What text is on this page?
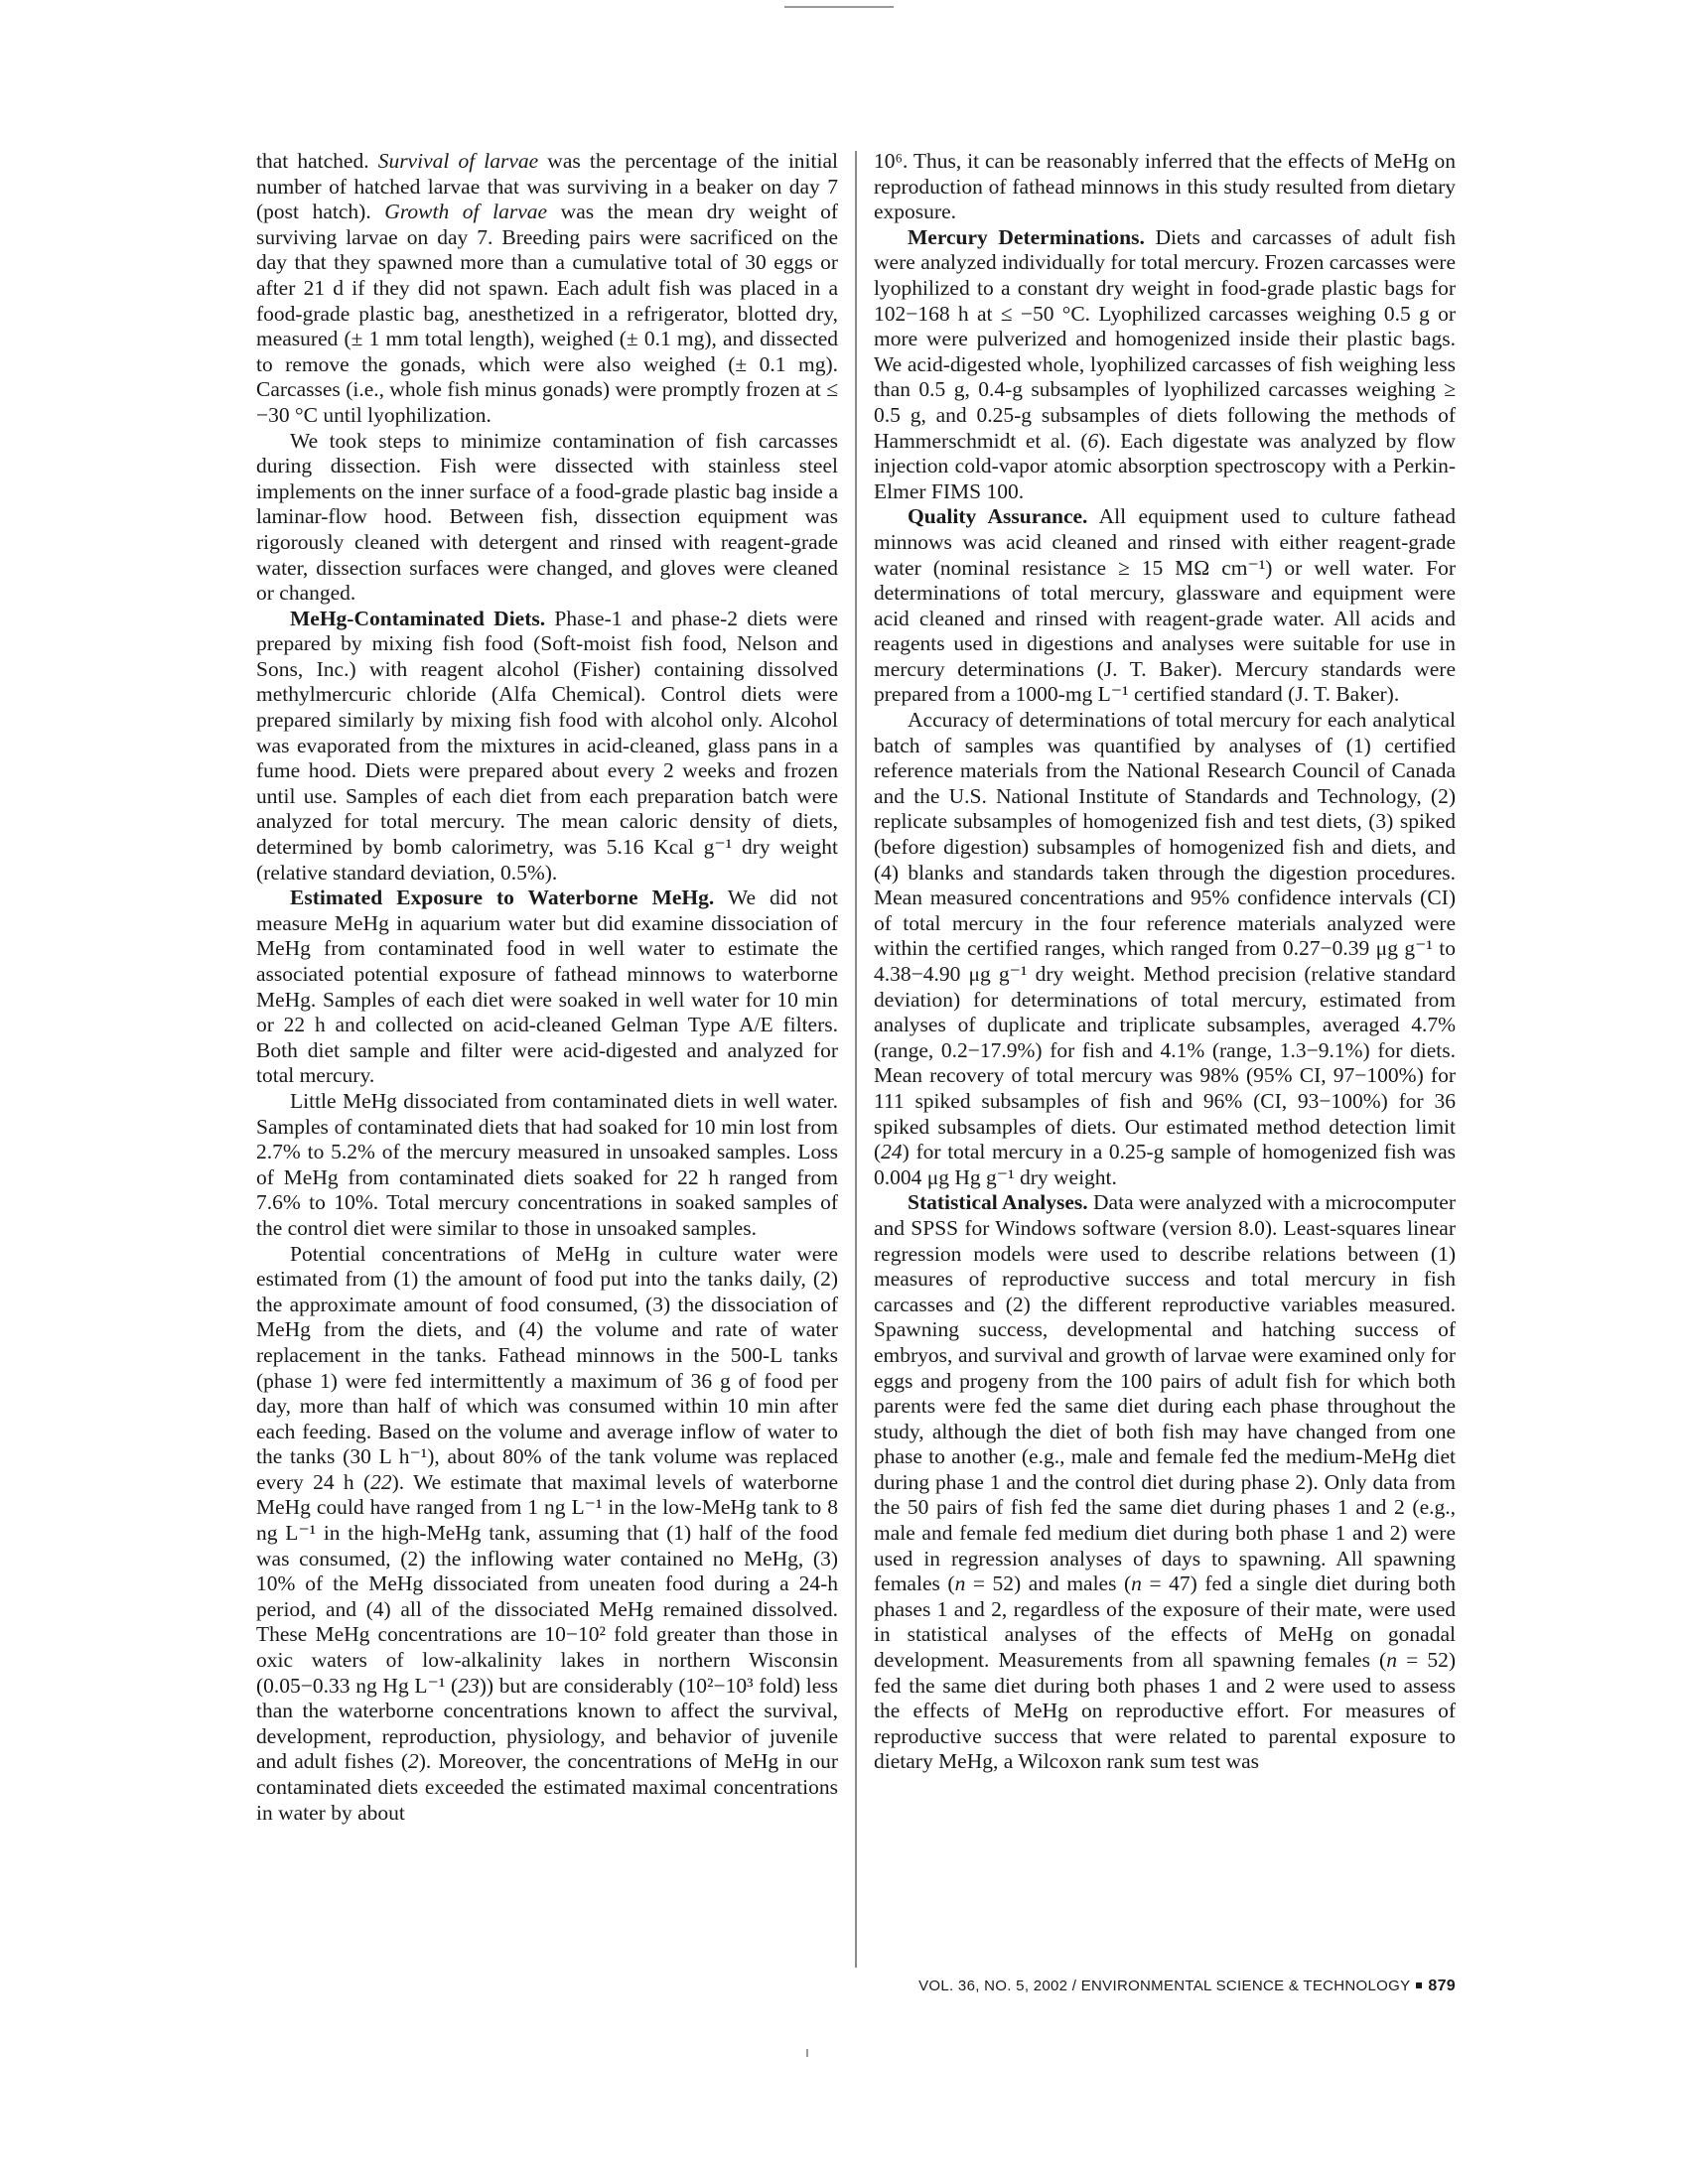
that hatched. Survival of larvae was the percentage of the initial number of hatched larvae that was surviving in a beaker on day 7 (post hatch). Growth of larvae was the mean dry weight of surviving larvae on day 7. Breeding pairs were sacrificed on the day that they spawned more than a cumulative total of 30 eggs or after 21 d if they did not spawn. Each adult fish was placed in a food-grade plastic bag, anesthetized in a refrigerator, blotted dry, measured (± 1 mm total length), weighed (± 0.1 mg), and dissected to remove the gonads, which were also weighed (± 0.1 mg). Carcasses (i.e., whole fish minus gonads) were promptly frozen at ≤ −30 °C until lyophilization.

We took steps to minimize contamination of fish carcasses during dissection. Fish were dissected with stainless steel implements on the inner surface of a food-grade plastic bag inside a laminar-flow hood. Between fish, dissection equipment was rigorously cleaned with detergent and rinsed with reagent-grade water, dissection surfaces were changed, and gloves were cleaned or changed.

MeHg-Contaminated Diets. Phase-1 and phase-2 diets were prepared by mixing fish food (Soft-moist fish food, Nelson and Sons, Inc.) with reagent alcohol (Fisher) containing dissolved methylmercuric chloride (Alfa Chemical). Control diets were prepared similarly by mixing fish food with alcohol only. Alcohol was evaporated from the mixtures in acid-cleaned, glass pans in a fume hood. Diets were prepared about every 2 weeks and frozen until use. Samples of each diet from each preparation batch were analyzed for total mercury. The mean caloric density of diets, determined by bomb calorimetry, was 5.16 Kcal g⁻¹ dry weight (relative standard deviation, 0.5%).

Estimated Exposure to Waterborne MeHg. We did not measure MeHg in aquarium water but did examine dissociation of MeHg from contaminated food in well water to estimate the associated potential exposure of fathead minnows to waterborne MeHg. Samples of each diet were soaked in well water for 10 min or 22 h and collected on acid-cleaned Gelman Type A/E filters. Both diet sample and filter were acid-digested and analyzed for total mercury.

Little MeHg dissociated from contaminated diets in well water. Samples of contaminated diets that had soaked for 10 min lost from 2.7% to 5.2% of the mercury measured in unsoaked samples. Loss of MeHg from contaminated diets soaked for 22 h ranged from 7.6% to 10%. Total mercury concentrations in soaked samples of the control diet were similar to those in unsoaked samples.

Potential concentrations of MeHg in culture water were estimated from (1) the amount of food put into the tanks daily, (2) the approximate amount of food consumed, (3) the dissociation of MeHg from the diets, and (4) the volume and rate of water replacement in the tanks. Fathead minnows in the 500-L tanks (phase 1) were fed intermittently a maximum of 36 g of food per day, more than half of which was consumed within 10 min after each feeding. Based on the volume and average inflow of water to the tanks (30 L h⁻¹), about 80% of the tank volume was replaced every 24 h (22). We estimate that maximal levels of waterborne MeHg could have ranged from 1 ng L⁻¹ in the low-MeHg tank to 8 ng L⁻¹ in the high-MeHg tank, assuming that (1) half of the food was consumed, (2) the inflowing water contained no MeHg, (3) 10% of the MeHg dissociated from uneaten food during a 24-h period, and (4) all of the dissociated MeHg remained dissolved. These MeHg concentrations are 10−10² fold greater than those in oxic waters of low-alkalinity lakes in northern Wisconsin (0.05−0.33 ng Hg L⁻¹ (23)) but are considerably (10²−10³ fold) less than the waterborne concentrations known to affect the survival, development, reproduction, physiology, and behavior of juvenile and adult fishes (2). Moreover, the concentrations of MeHg in our contaminated diets exceeded the estimated maximal concentrations in water by about

10⁶. Thus, it can be reasonably inferred that the effects of MeHg on reproduction of fathead minnows in this study resulted from dietary exposure.

Mercury Determinations. Diets and carcasses of adult fish were analyzed individually for total mercury. Frozen carcasses were lyophilized to a constant dry weight in food-grade plastic bags for 102−168 h at ≤ −50 °C. Lyophilized carcasses weighing 0.5 g or more were pulverized and homogenized inside their plastic bags. We acid-digested whole, lyophilized carcasses of fish weighing less than 0.5 g, 0.4-g subsamples of lyophilized carcasses weighing ≥ 0.5 g, and 0.25-g subsamples of diets following the methods of Hammerschmidt et al. (6). Each digestate was analyzed by flow injection cold-vapor atomic absorption spectroscopy with a Perkin-Elmer FIMS 100.

Quality Assurance. All equipment used to culture fathead minnows was acid cleaned and rinsed with either reagent-grade water (nominal resistance ≥ 15 MΩ cm⁻¹) or well water. For determinations of total mercury, glassware and equipment were acid cleaned and rinsed with reagent-grade water. All acids and reagents used in digestions and analyses were suitable for use in mercury determinations (J. T. Baker). Mercury standards were prepared from a 1000-mg L⁻¹ certified standard (J. T. Baker).

Accuracy of determinations of total mercury for each analytical batch of samples was quantified by analyses of (1) certified reference materials from the National Research Council of Canada and the U.S. National Institute of Standards and Technology, (2) replicate subsamples of homogenized fish and test diets, (3) spiked (before digestion) subsamples of homogenized fish and diets, and (4) blanks and standards taken through the digestion procedures. Mean measured concentrations and 95% confidence intervals (CI) of total mercury in the four reference materials analyzed were within the certified ranges, which ranged from 0.27−0.39 μg g⁻¹ to 4.38−4.90 μg g⁻¹ dry weight. Method precision (relative standard deviation) for determinations of total mercury, estimated from analyses of duplicate and triplicate subsamples, averaged 4.7% (range, 0.2−17.9%) for fish and 4.1% (range, 1.3−9.1%) for diets. Mean recovery of total mercury was 98% (95% CI, 97−100%) for 111 spiked subsamples of fish and 96% (CI, 93−100%) for 36 spiked subsamples of diets. Our estimated method detection limit (24) for total mercury in a 0.25-g sample of homogenized fish was 0.004 μg Hg g⁻¹ dry weight.

Statistical Analyses. Data were analyzed with a microcomputer and SPSS for Windows software (version 8.0). Least-squares linear regression models were used to describe relations between (1) measures of reproductive success and total mercury in fish carcasses and (2) the different reproductive variables measured. Spawning success, developmental and hatching success of embryos, and survival and growth of larvae were examined only for eggs and progeny from the 100 pairs of adult fish for which both parents were fed the same diet during each phase throughout the study, although the diet of both fish may have changed from one phase to another (e.g., male and female fed the medium-MeHg diet during phase 1 and the control diet during phase 2). Only data from the 50 pairs of fish fed the same diet during phases 1 and 2 (e.g., male and female fed medium diet during both phase 1 and 2) were used in regression analyses of days to spawning. All spawning females (n = 52) and males (n = 47) fed a single diet during both phases 1 and 2, regardless of the exposure of their mate, were used in statistical analyses of the effects of MeHg on gonadal development. Measurements from all spawning females (n = 52) fed the same diet during both phases 1 and 2 were used to assess the effects of MeHg on reproductive effort. For measures of reproductive success that were related to parental exposure to dietary MeHg, a Wilcoxon rank sum test was

VOL. 36, NO. 5, 2002 / ENVIRONMENTAL SCIENCE & TECHNOLOGY 879
